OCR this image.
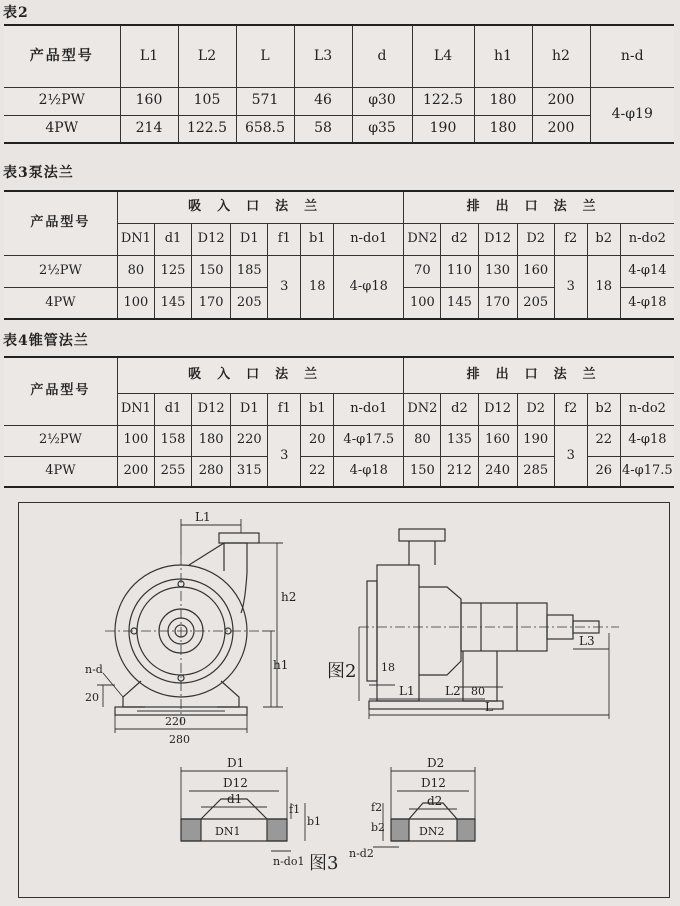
表2
产品型号	L1	L2	L	L3	d	L4	h1	h2	n-d
2½PW	160	105	571	46	φ30	122.5	180	200	4-φ19
4PW	214	122.5	658.5	58	φ35	190	180	200	
表3泵法兰
产品型号	吸入口法兰							排出口法兰						
	DN1	d1	D12	D1	f1	b1	n-do1	DN2	d2	D12	D2	f2	b2	n-do2
2½PW	80	125	150	185	3	18	4-φ18	70	110	130	160	3	18	4-φ14
4PW	100	145	170	205				100	145	170	205			4-φ18
表4锥管法兰
产品型号	吸入口法兰							排出口法兰						
	DN1	d1	D12	D1	f1	b1	n-do1	DN2	d2	D12	D2	f2	b2	n-do2
2½PW	100	158	180	220	3	20	4-φ17.5	80	135	160	190	3	22	4-φ18
4PW	200	255	280	315		22	4-φ18	150	212	240	285		26	4-φ17.5
L1
h2
h1
n-d
20
220
280
18
L1	L2 80
L
L3
图2
D1
D12
d1
f1
b1
DN1
n-do1
D2
D12
d2
f2
b2	DN2
n-d2
图3
